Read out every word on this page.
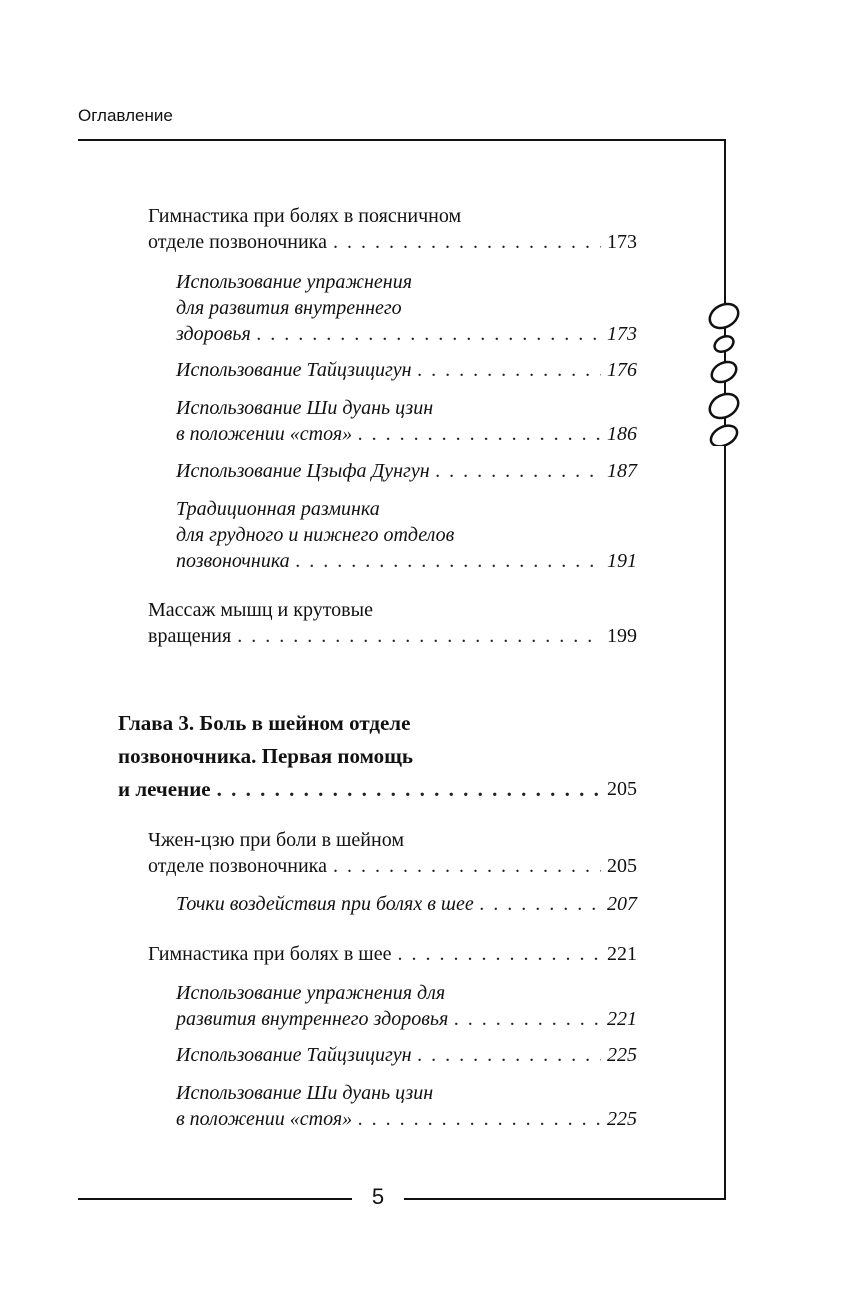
Оглавление
5
Гимнастика при болях в поясничном
отделе позвоночника . . .	173
Использование упражнения
для развития внутреннего
здоровья . . .	173
Использование Тайцзицигун . . .	176
Использование Ши дуань цзин
в положении «стоя» . . .	186
Использование Цзыфа Дунгун . . .	187
Традиционная разминка
для грудного и нижнего отделов
позвоночника . . .	191
Массаж мышц и крутовые
вращения . . .	199
Глава 3. Боль в шейном отделе
позвоночника. Первая помощь
и лечение . . .	205
Чжен-цзю при боли в шейном
отделе позвоночника . . .	205
Точки воздействия при болях в шее . . .	207
Гимнастика при болях в шее . . .	221
Использование упражнения для
развития внутреннего здоровья . . .	221
Использование Тайцзицигун . . .	225
Использование Ши дуань цзин
в положении «стоя» . . .	225
